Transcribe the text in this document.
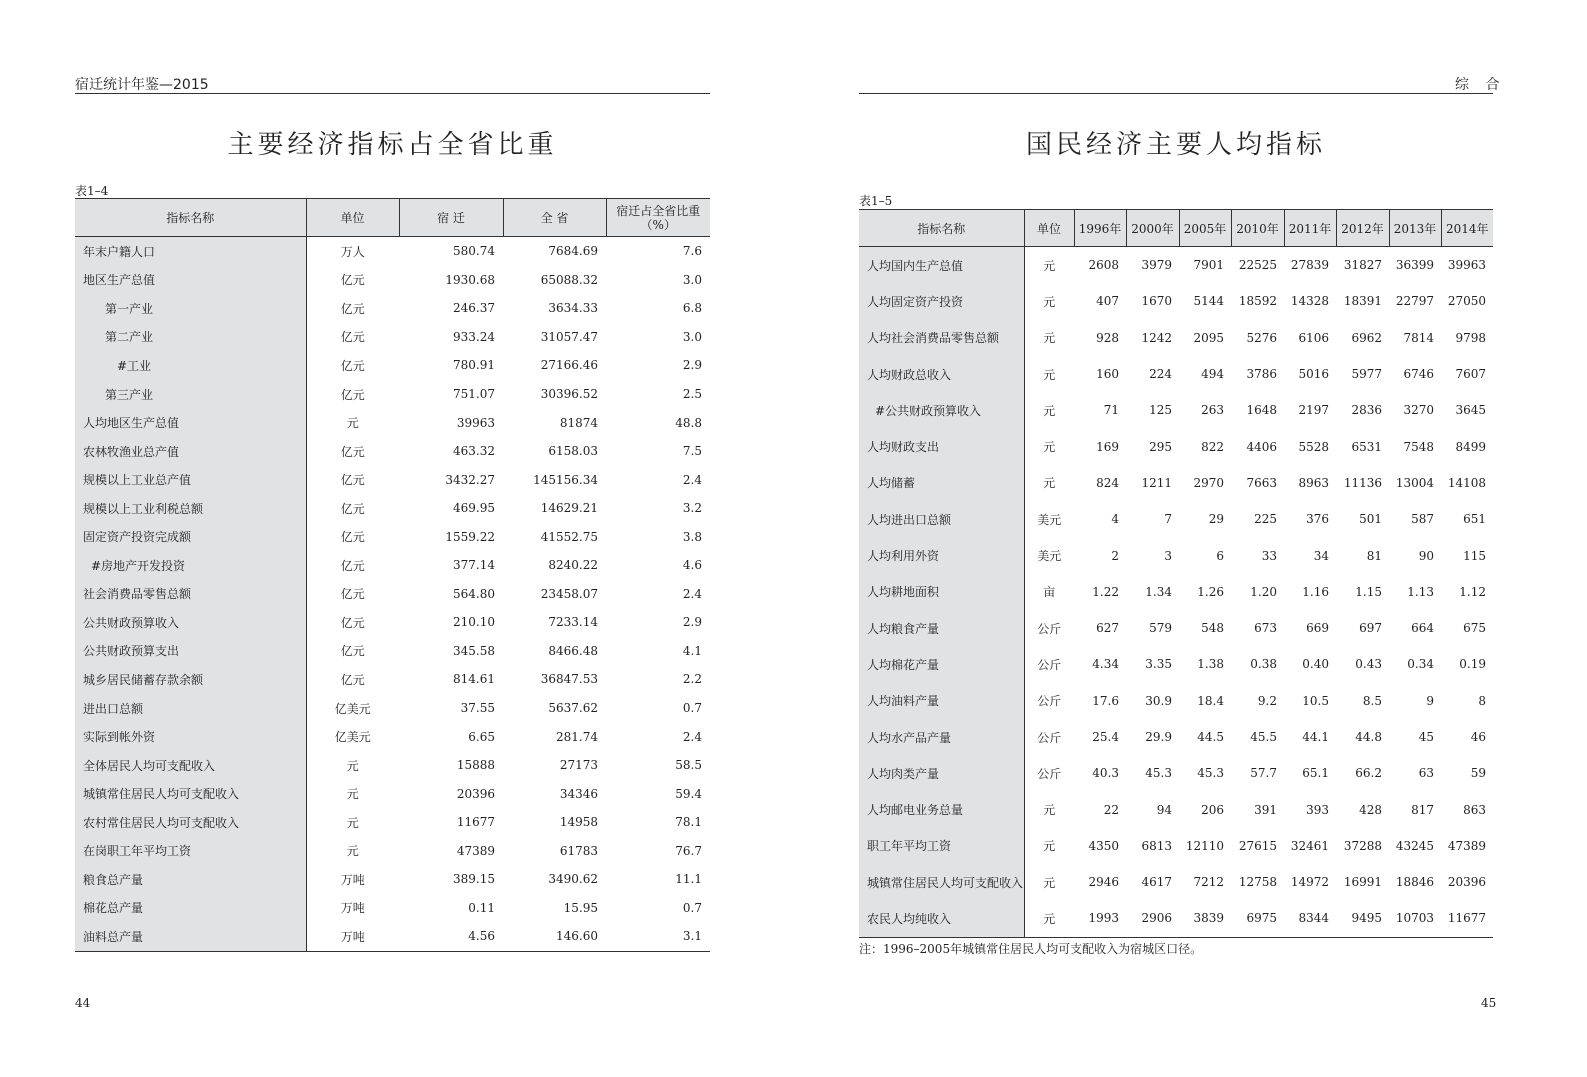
宿迁统计年鉴—2015
主要经济指标占全省比重
表1–4
指标名称	单位	宿 迁	全 省	宿迁占全省比重
（%）

年末户籍人口	万人	580.74	7684.69	7.6
地区生产总值	亿元	1930.68	65088.32	3.0
第一产业	亿元	246.37	3634.33	6.8
第二产业	亿元	933.24	31057.47	3.0
#工业	亿元	780.91	27166.46	2.9
第三产业	亿元	751.07	30396.52	2.5
人均地区生产总值	元	39963	81874	48.8
农林牧渔业总产值	亿元	463.32	6158.03	7.5
规模以上工业总产值	亿元	3432.27	145156.34	2.4
规模以上工业利税总额	亿元	469.95	14629.21	3.2
固定资产投资完成额	亿元	1559.22	41552.75	3.8
#房地产开发投资	亿元	377.14	8240.22	4.6
社会消费品零售总额	亿元	564.80	23458.07	2.4
公共财政预算收入	亿元	210.10	7233.14	2.9
公共财政预算支出	亿元	345.58	8466.48	4.1
城乡居民储蓄存款余额	亿元	814.61	36847.53	2.2
进出口总额	亿美元	37.55	5637.62	0.7
实际到帐外资	亿美元	6.65	281.74	2.4
全体居民人均可支配收入	元	15888	27173	58.5
城镇常住居民人均可支配收入	元	20396	34346	59.4
农村常住居民人均可支配收入	元	11677	14958	78.1
在岗职工年平均工资	元	47389	61783	76.7
粮食总产量	万吨	389.15	3490.62	11.1
棉花总产量	万吨	0.11	15.95	0.7
油料总产量	万吨	4.56	146.60	3.1
44
综 合
国民经济主要人均指标
表1–5
指标名称	单位	1996年	2000年	2005年	2010年	2011年	2012年	2013年	2014年
人均国内生产总值	元	2608	3979	7901	22525	27839	31827	36399	39963
人均固定资产投资	元	407	1670	5144	18592	14328	18391	22797	27050
人均社会消费品零售总额	元	928	1242	2095	5276	6106	6962	7814	9798
人均财政总收入	元	160	224	494	3786	5016	5977	6746	7607
#公共财政预算收入	元	71	125	263	1648	2197	2836	3270	3645
人均财政支出	元	169	295	822	4406	5528	6531	7548	8499
人均储蓄	元	824	1211	2970	7663	8963	11136	13004	14108
人均进出口总额	美元	4	7	29	225	376	501	587	651
人均利用外资	美元	2	3	6	33	34	81	90	115
人均耕地面积	亩	1.22	1.34	1.26	1.20	1.16	1.15	1.13	1.12
人均粮食产量	公斤	627	579	548	673	669	697	664	675
人均棉花产量	公斤	4.34	3.35	1.38	0.38	0.40	0.43	0.34	0.19
人均油料产量	公斤	17.6	30.9	18.4	9.2	10.5	8.5	9	8
人均水产品产量	公斤	25.4	29.9	44.5	45.5	44.1	44.8	45	46
人均肉类产量	公斤	40.3	45.3	45.3	57.7	65.1	66.2	63	59
人均邮电业务总量	元	22	94	206	391	393	428	817	863
职工年平均工资	元	4350	6813	12110	27615	32461	37288	43245	47389
城镇常住居民人均可支配收入	元	2946	4617	7212	12758	14972	16991	18846	20396
农民人均纯收入	元	1993	2906	3839	6975	8344	9495	10703	11677
注：1996–2005年城镇常住居民人均可支配收入为宿城区口径。
45
